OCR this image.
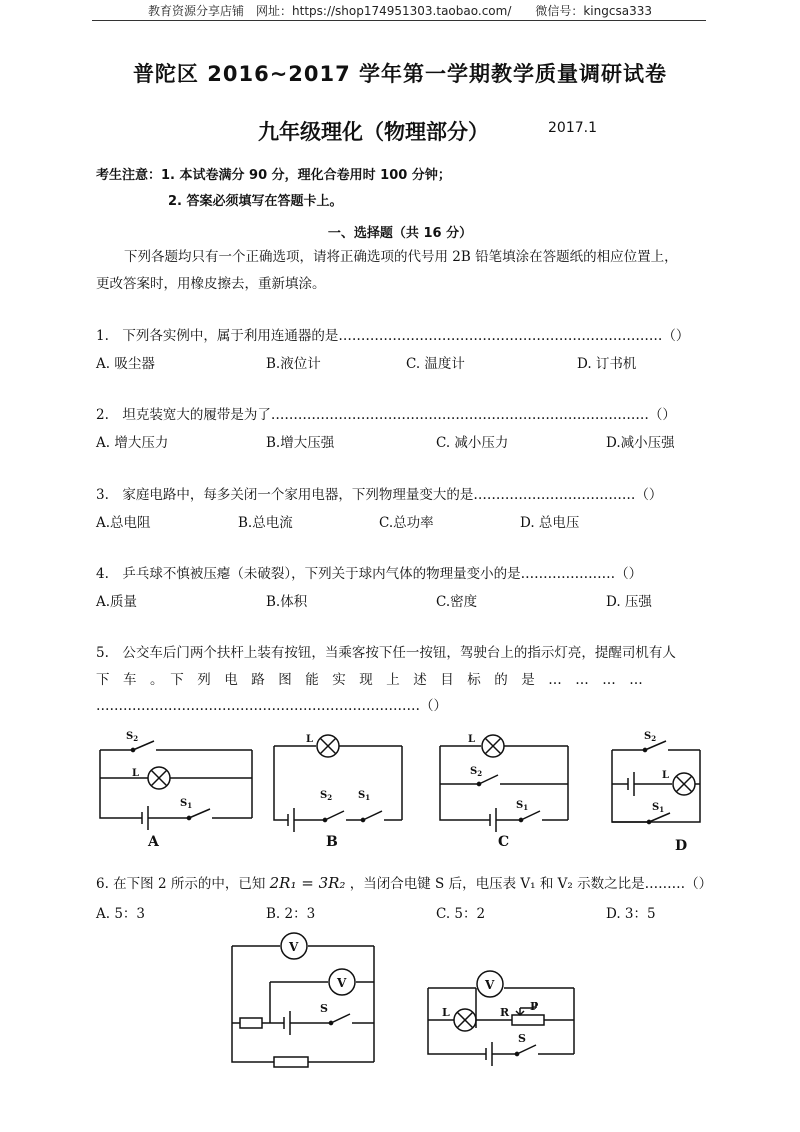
教育资源分享店铺　网址：https://shop174951303.taobao.com/　　微信号：kingcsa333
普陀区 2016~2017 学年第一学期教学质量调研试卷
九年级理化（物理部分）	2017.1
考生注意：1. 本试卷满分 90 分，理化合卷用时 100 分钟；
2. 答案必须填写在答题卡上。
一、选择题（共 16 分）
下列各题均只有一个正确选项，请将正确选项的代号用 2B 铅笔填涂在答题纸的相应位置上，
更改答案时，用橡皮擦去，重新填涂。
1.　下列各实例中，属于利用连通器的是………………………………………………………………（）
A. 吸尘器	B.液位计	C. 温度计	D. 订书机
2.　坦克装宽大的履带是为了…………………………………………………………………………（）
A. 增大压力	B.增大压强	C. 减小压力	D.减小压强
3.　家庭电路中，每多关闭一个家用电器，下列物理量变大的是………………………………（）
A.总电阻	B.总电流	C.总功率	D. 总电压
4.　乒乓球不慎被压瘪（未破裂），下列关于球内气体的物理量变小的是…………………（）
A.质量	B.体积	C.密度	D. 压强
5.　公交车后门两个扶杆上装有按钮，当乘客按下任一按钮，驾驶台上的指示灯亮，提醒司机有人
下　车　。　下　列　电　路　图　能　实　现　上　述　目　标　的　是　…　…　…　…
………………………………………………………………（）
$S_2$
L
$S_1$
L
$S_2$	$S_1$
L
$S_2$
$S_1$
$S_2$
L
$S_1$
A	B	C	D
6. 在下图 2 所示的中，已知 2R₁ = 3R₂ ，当闭合电键 S 后，电压表 V₁ 和 V₂ 示数之比是………（）
A. 5：3	B. 2：3	C. 5：2	D. 3：5
V
V
S
V
L	R P
S
